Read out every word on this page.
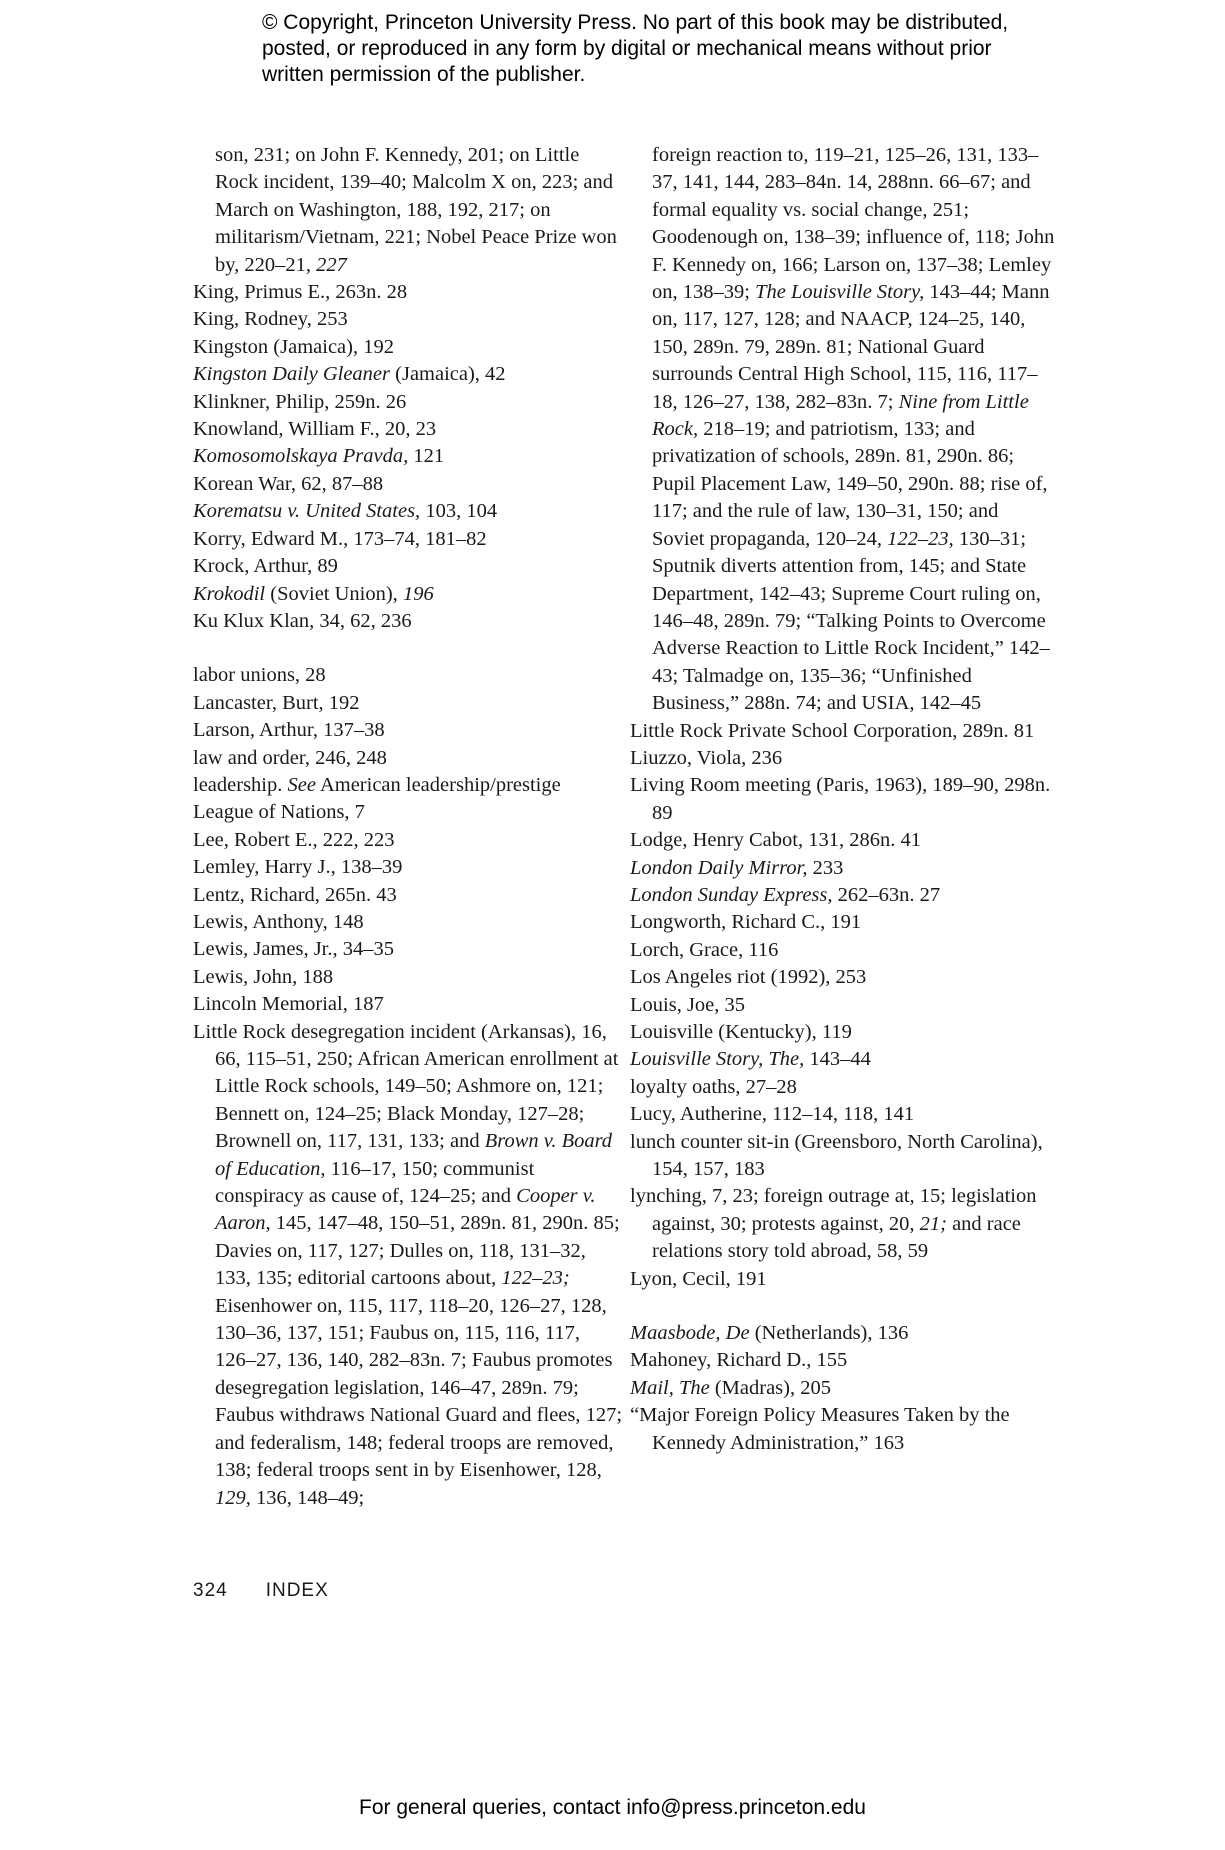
© Copyright, Princeton University Press. No part of this book may be distributed, posted, or reproduced in any form by digital or mechanical means without prior written permission of the publisher.
son, 231; on John F. Kennedy, 201; on Little Rock incident, 139–40; Malcolm X on, 223; and March on Washington, 188, 192, 217; on militarism/Vietnam, 221; Nobel Peace Prize won by, 220–21, 227
King, Primus E., 263n. 28
King, Rodney, 253
Kingston (Jamaica), 192
Kingston Daily Gleaner (Jamaica), 42
Klinkner, Philip, 259n. 26
Knowland, William F., 20, 23
Komosomolskaya Pravda, 121
Korean War, 62, 87–88
Korematsu v. United States, 103, 104
Korry, Edward M., 173–74, 181–82
Krock, Arthur, 89
Krokodil (Soviet Union), 196
Ku Klux Klan, 34, 62, 236
labor unions, 28
Lancaster, Burt, 192
Larson, Arthur, 137–38
law and order, 246, 248
leadership. See American leadership/prestige
League of Nations, 7
Lee, Robert E., 222, 223
Lemley, Harry J., 138–39
Lentz, Richard, 265n. 43
Lewis, Anthony, 148
Lewis, James, Jr., 34–35
Lewis, John, 188
Lincoln Memorial, 187
Little Rock desegregation incident (Arkansas), 16, 66, 115–51, 250; African American enrollment at Little Rock schools, 149–50; Ashmore on, 121; Bennett on, 124–25; Black Monday, 127–28; Brownell on, 117, 131, 133; and Brown v. Board of Education, 116–17, 150; communist conspiracy as cause of, 124–25; and Cooper v. Aaron, 145, 147–48, 150–51, 289n. 81, 290n. 85; Davies on, 117, 127; Dulles on, 118, 131–32, 133, 135; editorial cartoons about, 122–23; Eisenhower on, 115, 117, 118–20, 126–27, 128, 130–36, 137, 151; Faubus on, 115, 116, 117, 126–27, 136, 140, 282–83n. 7; Faubus promotes desegregation legislation, 146–47, 289n. 79; Faubus withdraws National Guard and flees, 127; and federalism, 148; federal troops are removed, 138; federal troops sent in by Eisenhower, 128, 129, 136, 148–49;
foreign reaction to, 119–21, 125–26, 131, 133–37, 141, 144, 283–84n. 14, 288nn. 66–67; and formal equality vs. social change, 251; Goodenough on, 138–39; influence of, 118; John F. Kennedy on, 166; Larson on, 137–38; Lemley on, 138–39; The Louisville Story, 143–44; Mann on, 117, 127, 128; and NAACP, 124–25, 140, 150, 289n. 79, 289n. 81; National Guard surrounds Central High School, 115, 116, 117–18, 126–27, 138, 282–83n. 7; Nine from Little Rock, 218–19; and patriotism, 133; and privatization of schools, 289n. 81, 290n. 86; Pupil Placement Law, 149–50, 290n. 88; rise of, 117; and the rule of law, 130–31, 150; and Soviet propaganda, 120–24, 122–23, 130–31; Sputnik diverts attention from, 145; and State Department, 142–43; Supreme Court ruling on, 146–48, 289n. 79; “Talking Points to Overcome Adverse Reaction to Little Rock Incident,” 142–43; Talmadge on, 135–36; “Unfinished Business,” 288n. 74; and USIA, 142–45
Little Rock Private School Corporation, 289n. 81
Liuzzo, Viola, 236
Living Room meeting (Paris, 1963), 189–90, 298n. 89
Lodge, Henry Cabot, 131, 286n. 41
London Daily Mirror, 233
London Sunday Express, 262–63n. 27
Longworth, Richard C., 191
Lorch, Grace, 116
Los Angeles riot (1992), 253
Louis, Joe, 35
Louisville (Kentucky), 119
Louisville Story, The, 143–44
loyalty oaths, 27–28
Lucy, Autherine, 112–14, 118, 141
lunch counter sit-in (Greensboro, North Carolina), 154, 157, 183
lynching, 7, 23; foreign outrage at, 15; legislation against, 30; protests against, 20, 21; and race relations story told abroad, 58, 59
Lyon, Cecil, 191
Maasbode, De (Netherlands), 136
Mahoney, Richard D., 155
Mail, The (Madras), 205
“Major Foreign Policy Measures Taken by the Kennedy Administration,” 163
324 INDEX
For general queries, contact info@press.princeton.edu
